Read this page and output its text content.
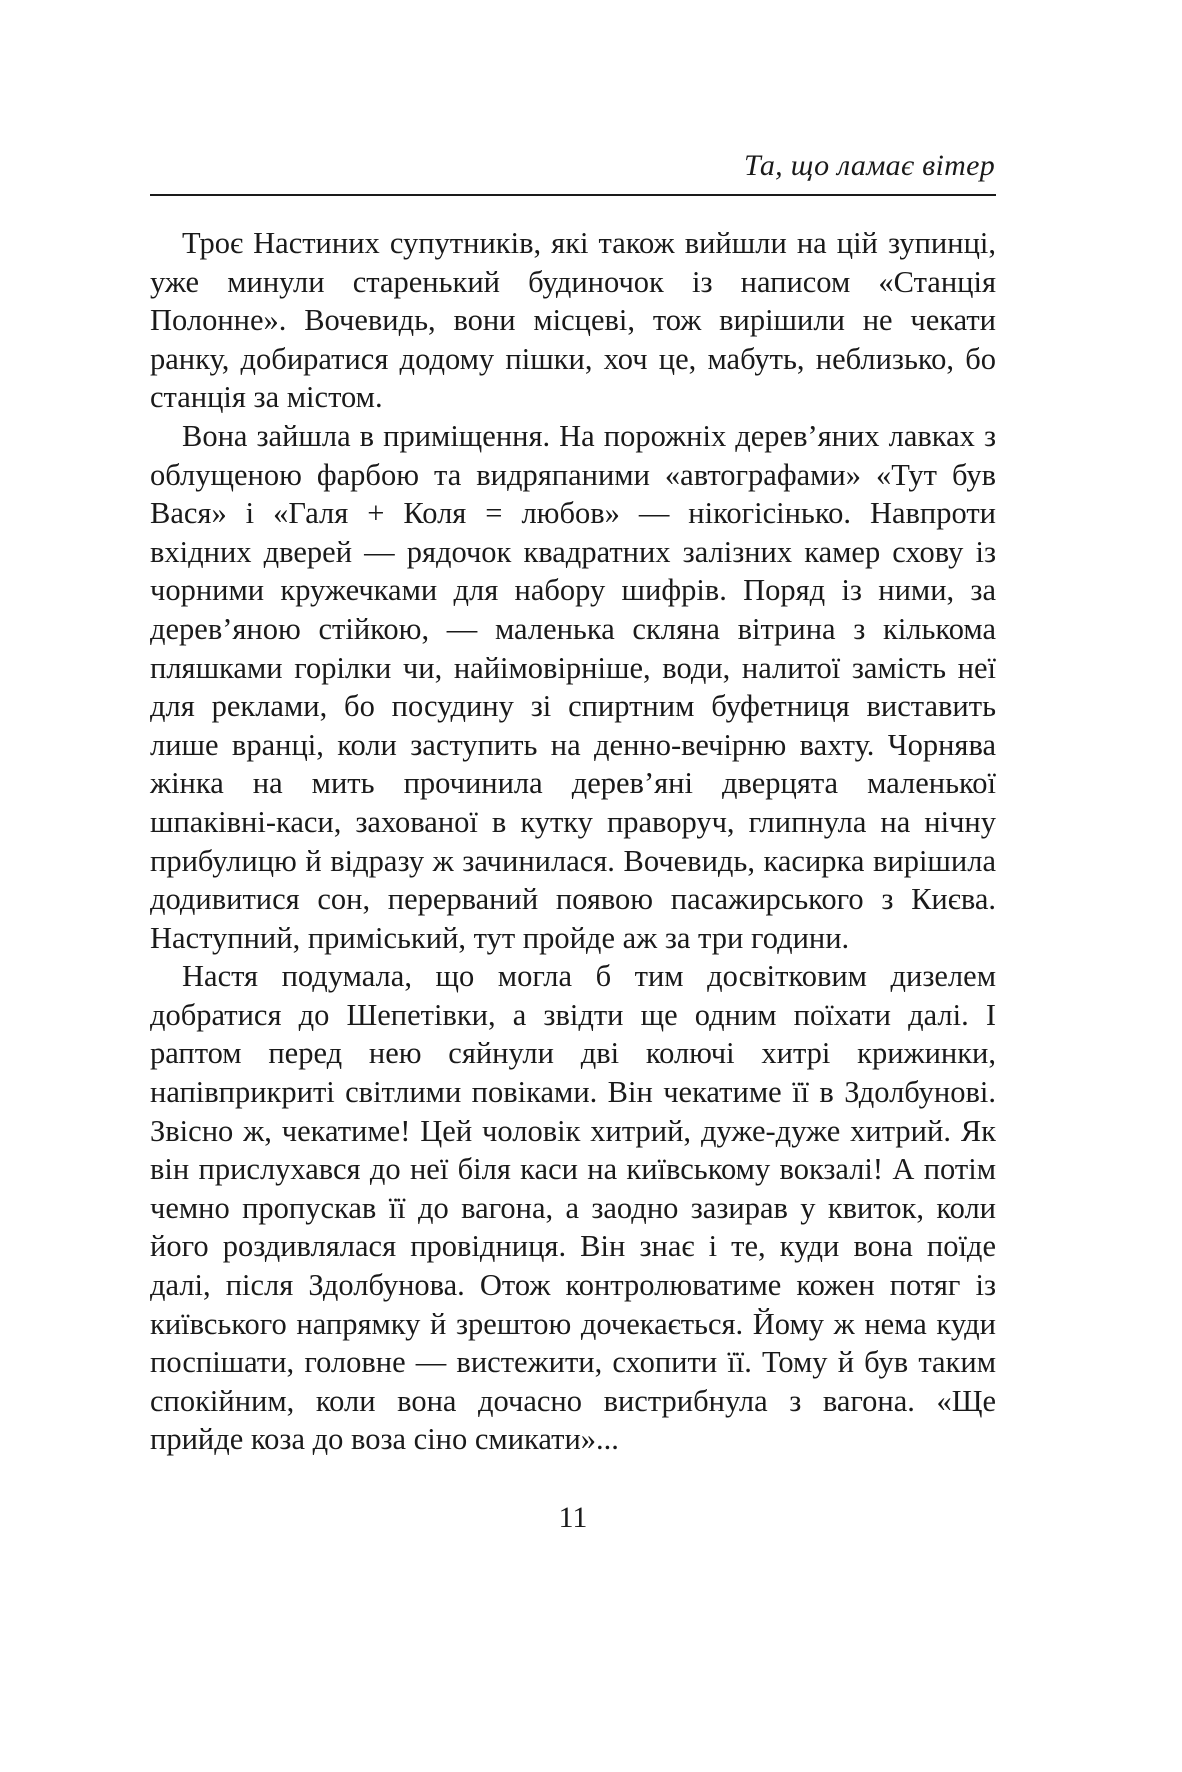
Та, що ламає вітер

Троє Настиних супутників, які також вийшли на цій зупинці, уже минули старенький будиночок із написом «Станція Полонне». Вочевидь, вони місцеві, тож вирішили не чекати ранку, добиратися додому пішки, хоч це, мабуть, неблизько, бо станція за містом.

Вона зайшла в приміщення. На порожніх дерев’яних лавках з облущеною фарбою та видряпаними «автографами» «Тут був Вася» і «Галя + Коля = любов» — нікогісінько. Навпроти вхідних дверей — рядочок квадратних залізних камер схову із чорними кружечками для набору шифрів. Поряд із ними, за дерев’яною стійкою, — маленька скляна вітрина з кількома пляшками горілки чи, найімовірніше, води, налитої замість неї для реклами, бо посудину зі спиртним буфетниця виставить лише вранці, коли заступить на денно-вечірню вахту. Чорнява жінка на мить прочинила дерев’яні дверцята маленької шпаківні-каси, захованої в кутку праворуч, глипнула на нічну прибулицю й відразу ж зачинилася. Вочевидь, касирка вирішила додивитися сон, перерваний появою пасажирського з Києва. Наступний, приміський, тут пройде аж за три години.

Настя подумала, що могла б тим досвітковим дизелем добратися до Шепетівки, а звідти ще одним поїхати далі. І раптом перед нею сяйнули дві колючі хитрі крижинки, напівприкриті світлими повіками. Він чекатиме її в Здолбунові. Звісно ж, чекатиме! Цей чоловік хитрий, дуже-дуже хитрий. Як він прислухався до неї біля каси на київському вокзалі! А потім чемно пропускав її до вагона, а заодно зазирав у квиток, коли його роздивлялася провідниця. Він знає і те, куди вона поїде далі, після Здолбунова. Отож контролюватиме кожен потяг із київського напрямку й зрештою дочекається. Йому ж нема куди поспішати, головне — вистежити, схопити її. Тому й був таким спокійним, коли вона дочасно вистрибнула з вагона. «Ще прийде коза до воза сіно смикати»...

11
